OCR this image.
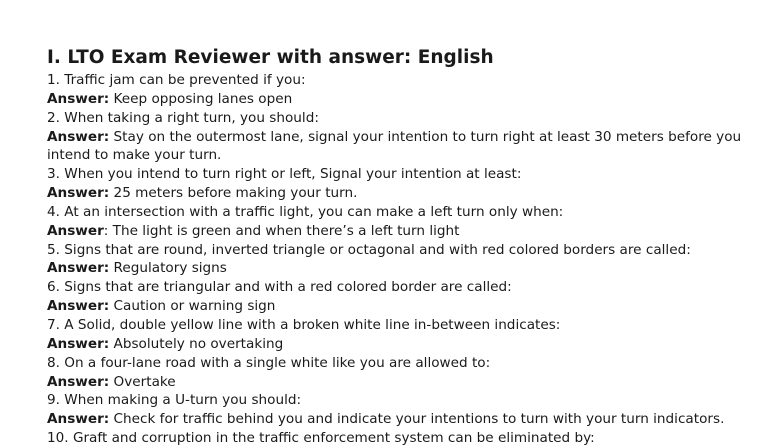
I. LTO Exam Reviewer with answer: English
1. Traffic jam can be prevented if you:
Answer: Keep opposing lanes open
2. When taking a right turn, you should:
Answer: Stay on the outermost lane, signal your intention to turn right at least 30 meters before you intend to make your turn.
3. When you intend to turn right or left, Signal your intention at least:
Answer: 25 meters before making your turn.
4. At an intersection with a traffic light, you can make a left turn only when:
Answer: The light is green and when there’s a left turn light
5. Signs that are round, inverted triangle or octagonal and with red colored borders are called:
Answer: Regulatory signs
6. Signs that are triangular and with a red colored border are called:
Answer: Caution or warning sign
7. A Solid, double yellow line with a broken white line in-between indicates:
Answer: Absolutely no overtaking
8. On a four-lane road with a single white like you are allowed to:
Answer: Overtake
9. When making a U-turn you should:
Answer: Check for traffic behind you and indicate your intentions to turn with your turn indicators.
10. Graft and corruption in the traffic enforcement system can be eliminated by:
